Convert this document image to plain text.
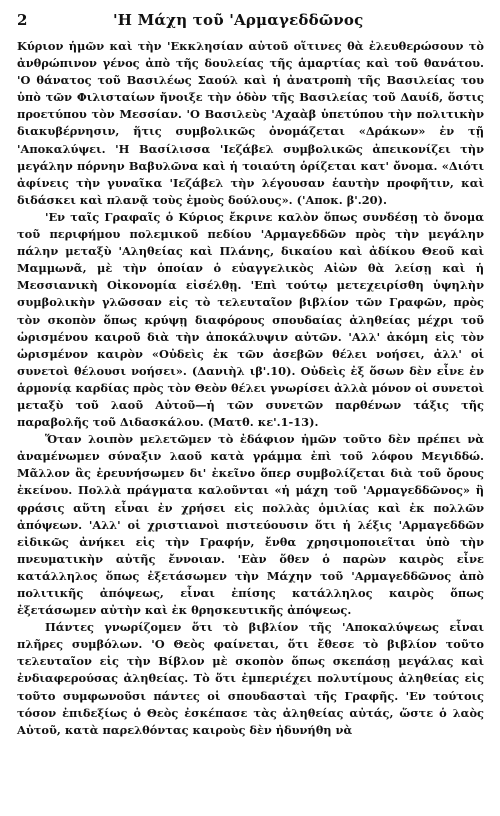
2	'Η Μάχη τοῦ 'Αρμαγεδδῶνος

Κύριον ἡμῶν καὶ τὴν 'Εκκλησίαν αὐτοῦ οἵτινες θὰ ἐλευθερώσουν τὸ ἀνθρώπινον γένος ἀπὸ τῆς δουλείας τῆς ἁμαρτίας καὶ τοῦ θανάτου. 'Ο θάνατος τοῦ Βασιλέως Σαούλ καὶ ἡ ἀνατροπὴ τῆς Βασιλείας του ὑπὸ τῶν Φιλισταίων ἤνοιξε τὴν ὁδὸν τῆς Βασιλείας τοῦ Δαυίδ, ὅστις προετύπου τὸν Μεσσίαν. 'Ο Βασιλεὺς 'Αχαὰβ ὑπετύπου τὴν πολιτικὴν διακυβέρνησιν, ἥτις συμβολικῶς ὀνομάζεται «Δράκων» ἐν τῇ 'Αποκαλύψει. 'Η Βασίλισσα 'Ιεζάβελ συμβολικῶς ἀπεικονίζει τὴν μεγάλην πόρνην Βαβυλῶνα καὶ ἡ τοιαύτη ὁρίζεται κατ' ὄνομα. «Διότι ἀφίνεις τὴν γυναῖκα 'Ιεζάβελ τὴν λέγουσαν ἑαυτὴν προφῆτιν, καὶ διδάσκει καὶ πλανᾷ τοὺς ἐμοὺς δούλους». ('Αποκ. β'.20).

'Εν ταῖς Γραφαῖς ὁ Κύριος ἔκρινε καλὸν ὅπως συνδέσῃ τὸ ὄνομα τοῦ περιφήμου πολεμικοῦ πεδίου 'Αρμαγεδδῶν πρὸς τὴν μεγάλην πάλην μεταξὺ 'Αληθείας καὶ Πλάνης, δικαίου καὶ ἀδίκου Θεοῦ καὶ Μαμμωνᾶ, μὲ τὴν ὁποίαν ὁ εὐαγγελικὸς Αἰὼν θὰ λείσῃ καὶ ἡ Μεσσιανικὴ Οἰκονομία εἰσέλθῃ. 'Επὶ τούτῳ μετεχειρίσθη ὑψηλὴν συμβολικὴν γλῶσσαν εἰς τὸ τελευταῖον βιβλίον τῶν Γραφῶν, πρὸς τὸν σκοπὸν ὅπως κρύψῃ διαφόρους σπουδαίας ἀληθείας μέχρι τοῦ ὡρισμένου καιροῦ διὰ τὴν ἀποκάλυψιν αὐτῶν. 'Αλλ' ἀκόμη εἰς τὸν ὡρισμένον καιρὸν «Οὐδεὶς ἐκ τῶν ἀσεβῶν θέλει νοήσει, ἀλλ' οἱ συνετοὶ θέλουσι νοήσει». (Δανιὴλ ιβ'.10). Οὐδεὶς ἐξ ὅσων δὲν εἶνε ἐν ἁρμονίᾳ καρδίας πρὸς τὸν Θεὸν θέλει γνωρίσει ἀλλὰ μόνον οἱ συνετοὶ μεταξὺ τοῦ λαοῦ Αὐτοῦ—ἡ τῶν συνετῶν παρθένων τάξις τῆς παραβολῆς τοῦ Διδασκάλου. (Ματθ. κε'.1-13).

Ὅταν λοιπὸν μελετῶμεν τὸ ἐδάφιον ἡμῶν τοῦτο δὲν πρέπει νὰ ἀναμένωμεν σύναξιν λαοῦ κατὰ γράμμα ἐπὶ τοῦ λόφου Μεγιδδώ. Μᾶλλον ἂς ἐρευνήσωμεν δι' ἐκεῖνο ὅπερ συμβολίζεται διὰ τοῦ ὄρους ἐκείνου. Πολλὰ πράγματα καλοῦνται «ἡ μάχη τοῦ 'Αρμαγεδδῶνος» ἢ φράσις αὕτη εἶναι ἐν χρήσει εἰς πολλὰς ὁμιλίας καὶ ἐκ πολλῶν ἀπόψεων. 'Αλλ' οἱ χριστιανοὶ πιστεύουσιν ὅτι ἡ λέξις 'Αρμαγεδδῶν εἰδικῶς ἀνήκει εἰς τὴν Γραφήν, ἔνθα χρησιμοποιεῖται ὑπὸ τὴν πνευματικὴν αὐτῆς ἔννοιαν. 'Εὰν ὅθεν ὁ παρὼν καιρὸς εἶνε κατάλληλος ὅπως ἐξετάσωμεν τὴν Μάχην τοῦ 'Αρμαγεδδῶνος ἀπὸ πολιτικῆς ἀπόψεως, εἶναι ἐπίσης κατάλληλος καιρὸς ὅπως ἐξετάσωμεν αὐτὴν καὶ ἐκ θρησκευτικῆς ἀπόψεως.

Πάντες γνωρίζομεν ὅτι τὸ βιβλίον τῆς 'Αποκαλύψεως εἶναι πλῆρες συμβόλων. 'Ο Θεὸς φαίνεται, ὅτι ἔθεσε τὸ βιβλίον τοῦτο τελευταῖον εἰς τὴν Βίβλον μὲ σκοπὸν ὅπως σκεπάσῃ μεγάλας καὶ ἐνδιαφερούσας ἀληθείας. Τὸ ὅτι ἐμπεριέχει πολυτίμους ἀληθείας εἰς τοῦτο συμφωνοῦσι πάντες οἱ σπουδασταὶ τῆς Γραφῆς. 'Εν τούτοις τόσον ἐπιδεξίως ὁ Θεὸς ἐσκέπασε τὰς ἀληθείας αὐτάς, ὥστε ὁ λαὸς Αὐτοῦ, κατὰ παρελθόντας καιροὺς δὲν ἠδυνήθη νὰ
